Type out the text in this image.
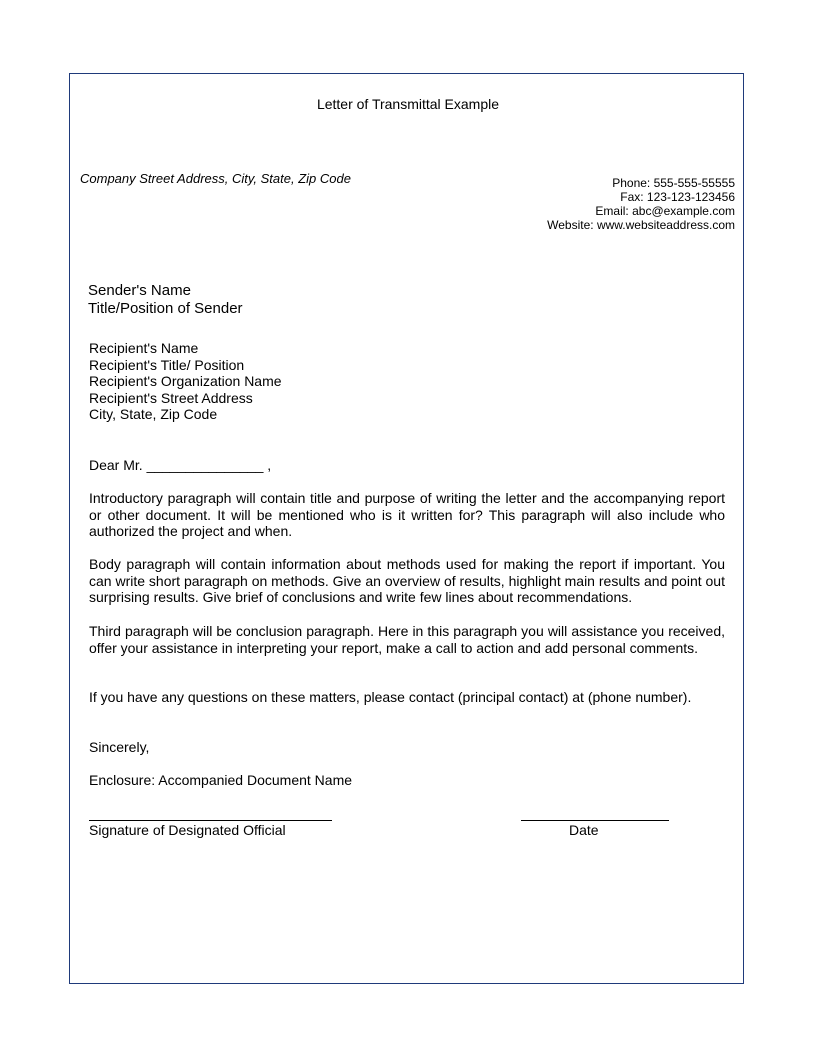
Letter of Transmittal Example
Company Street Address, City, State, Zip Code	Phone: 555-555-55555
Fax: 123-123-123456
Email: abc@example.com
Website: www.websiteaddress.com
Sender's Name
Title/Position of Sender
Recipient's Name
Recipient's Title/ Position
Recipient's Organization Name
Recipient's Street Address
City, State, Zip Code
Dear Mr. _______________ ,
Introductory paragraph will contain title and purpose of writing the letter and the accompanying report or other document. It will be mentioned who is it written for? This paragraph will also include who authorized the project and when.
Body paragraph will contain information about methods used for making the report if important. You can write short paragraph on methods. Give an overview of results, highlight main results and point out surprising results. Give brief of conclusions and write few lines about recommendations.
Third paragraph will be conclusion paragraph. Here in this paragraph you will assistance you received, offer your assistance in interpreting your report, make a call to action and add personal comments.
If you have any questions on these matters, please contact (principal contact) at (phone number).
Sincerely,
Enclosure: Accompanied Document Name
Signature of Designated Official	Date
